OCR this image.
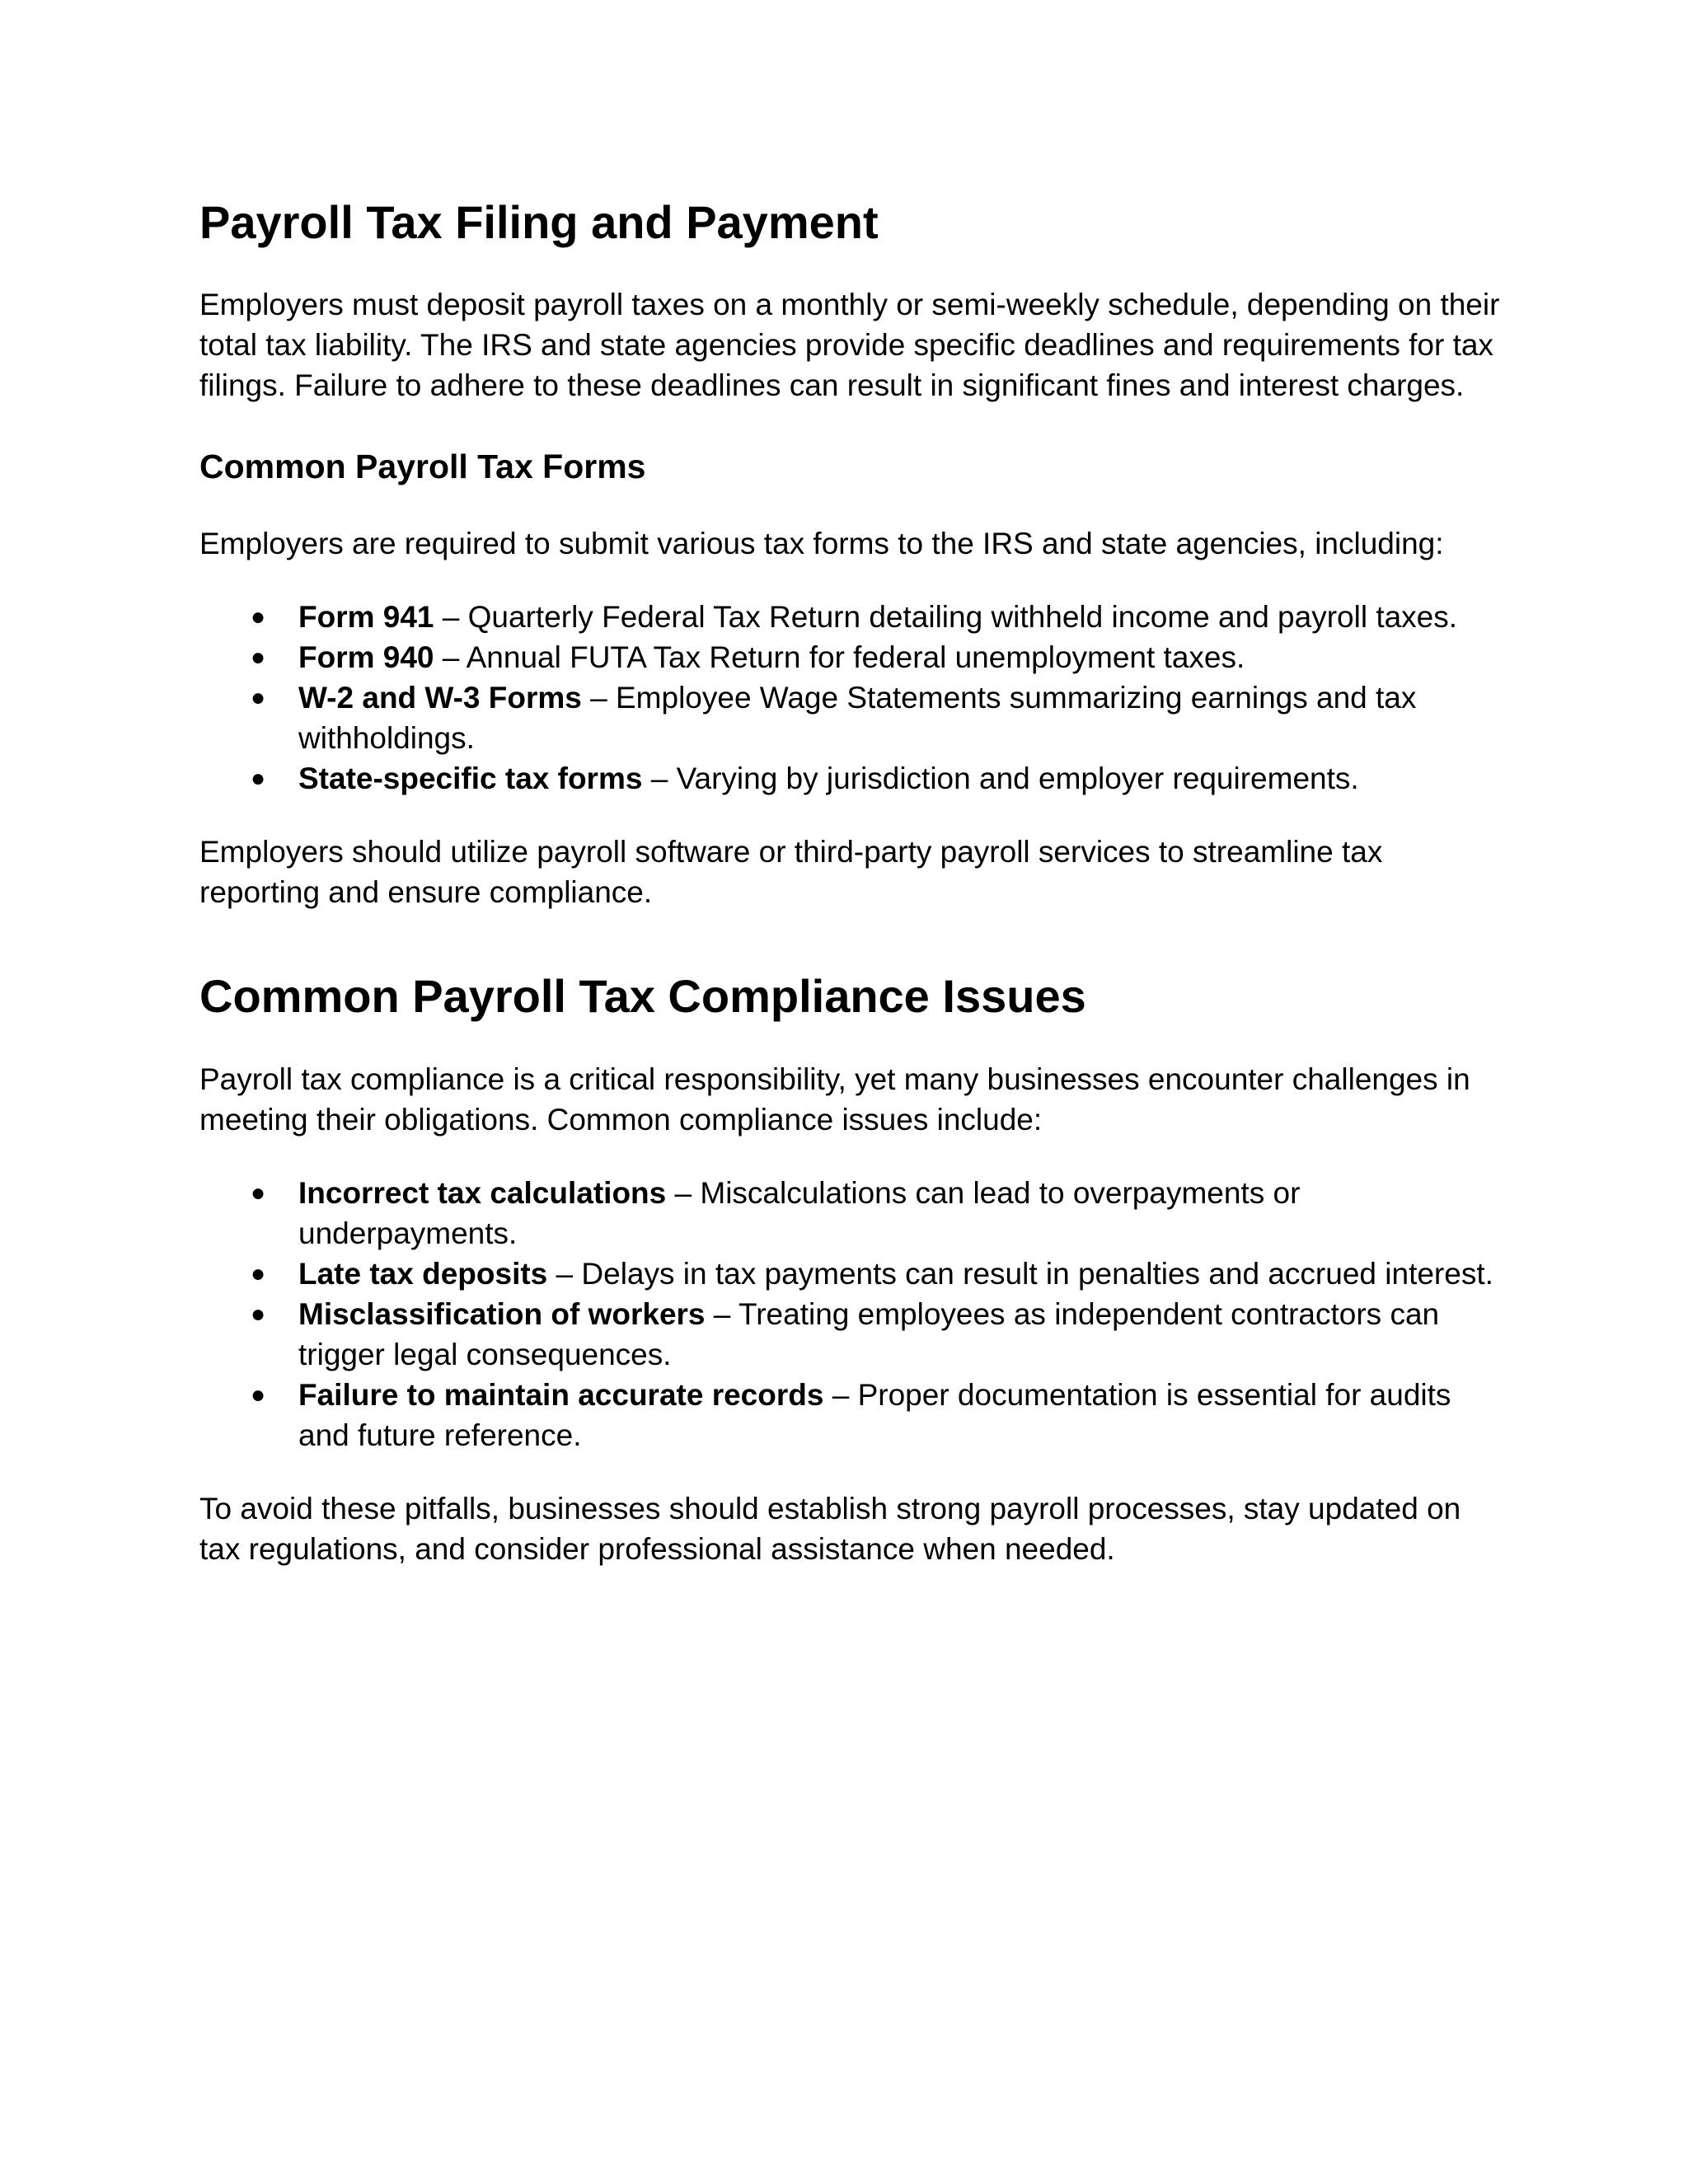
Payroll Tax Filing and Payment

Employers must deposit payroll taxes on a monthly or semi-weekly schedule, depending on their total tax liability. The IRS and state agencies provide specific deadlines and requirements for tax filings. Failure to adhere to these deadlines can result in significant fines and interest charges.

Common Payroll Tax Forms

Employers are required to submit various tax forms to the IRS and state agencies, including:

● Form 941 – Quarterly Federal Tax Return detailing withheld income and payroll taxes.
● Form 940 – Annual FUTA Tax Return for federal unemployment taxes.
● W-2 and W-3 Forms – Employee Wage Statements summarizing earnings and tax withholdings.
● State-specific tax forms – Varying by jurisdiction and employer requirements.

Employers should utilize payroll software or third-party payroll services to streamline tax reporting and ensure compliance.

Common Payroll Tax Compliance Issues

Payroll tax compliance is a critical responsibility, yet many businesses encounter challenges in meeting their obligations. Common compliance issues include:

● Incorrect tax calculations – Miscalculations can lead to overpayments or underpayments.
● Late tax deposits – Delays in tax payments can result in penalties and accrued interest.
● Misclassification of workers – Treating employees as independent contractors can trigger legal consequences.
● Failure to maintain accurate records – Proper documentation is essential for audits and future reference.

To avoid these pitfalls, businesses should establish strong payroll processes, stay updated on tax regulations, and consider professional assistance when needed.
